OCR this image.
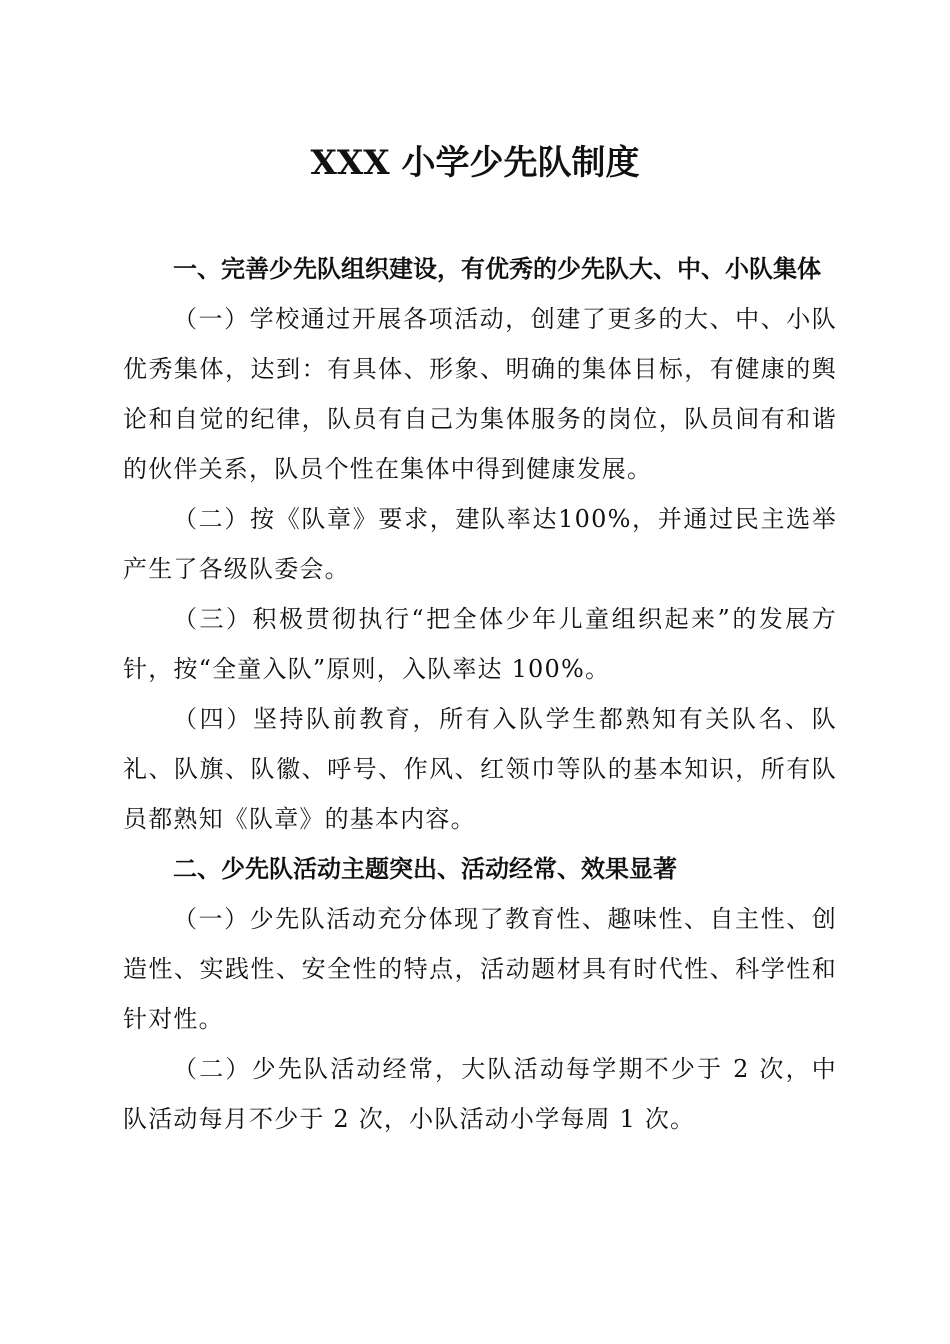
XXX 小学少先队制度

一、完善少先队组织建设，有优秀的少先队大、中、小队集体

（一）学校通过开展各项活动，创建了更多的大、中、小队优秀集体，达到：有具体、形象、明确的集体目标，有健康的舆论和自觉的纪律，队员有自己为集体服务的岗位，队员间有和谐的伙伴关系，队员个性在集体中得到健康发展。

（二）按《队章》要求，建队率达100%，并通过民主选举产生了各级队委会。

（三）积极贯彻执行“把全体少年儿童组织起来”的发展方针，按“全童入队”原则，入队率达 100%。

（四）坚持队前教育，所有入队学生都熟知有关队名、队礼、队旗、队徽、呼号、作风、红领巾等队的基本知识，所有队员都熟知《队章》的基本内容。

二、少先队活动主题突出、活动经常、效果显著

（一）少先队活动充分体现了教育性、趣味性、自主性、创造性、实践性、安全性的特点，活动题材具有时代性、科学性和针对性。

（二）少先队活动经常，大队活动每学期不少于 2 次，中队活动每月不少于 2 次，小队活动小学每周 1 次。
